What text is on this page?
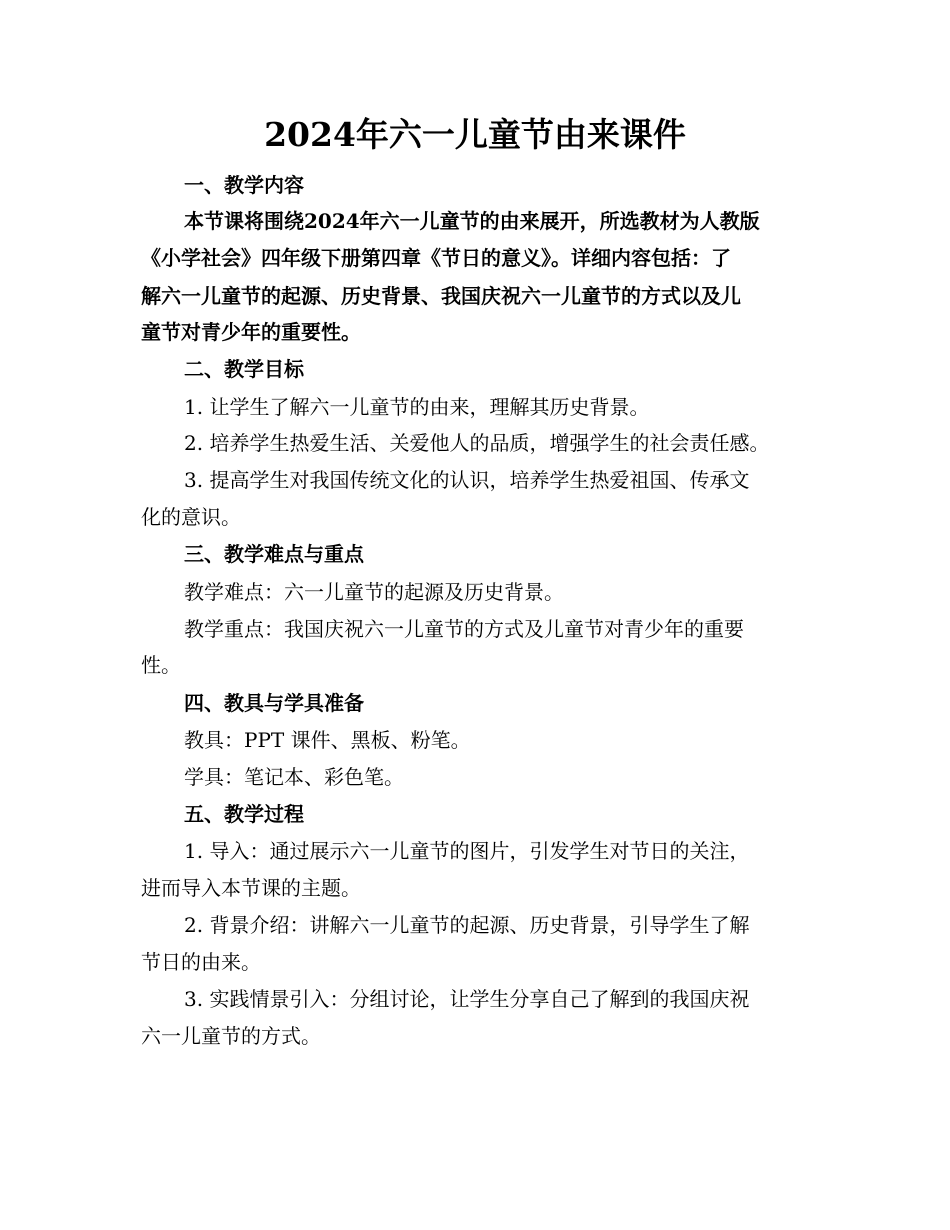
2024年六一儿童节由来课件

一、教学内容

本节课将围绕2024年六一儿童节的由来展开，所选教材为人教版

《小学社会》四年级下册第四章《节日的意义》。详细内容包括：了

解六一儿童节的起源、历史背景、我国庆祝六一儿童节的方式以及儿

童节对青少年的重要性。

二、教学目标

1. 让学生了解六一儿童节的由来，理解其历史背景。

2. 培养学生热爱生活、关爱他人的品质，增强学生的社会责任感。

3. 提高学生对我国传统文化的认识，培养学生热爱祖国、传承文

化的意识。

三、教学难点与重点

教学难点：六一儿童节的起源及历史背景。

教学重点：我国庆祝六一儿童节的方式及儿童节对青少年的重要

性。

四、教具与学具准备

教具：PPT 课件、黑板、粉笔。

学具：笔记本、彩色笔。

五、教学过程

1. 导入：通过展示六一儿童节的图片，引发学生对节日的关注，

进而导入本节课的主题。

2. 背景介绍：讲解六一儿童节的起源、历史背景，引导学生了解

节日的由来。

3. 实践情景引入：分组讨论，让学生分享自己了解到的我国庆祝

六一儿童节的方式。
